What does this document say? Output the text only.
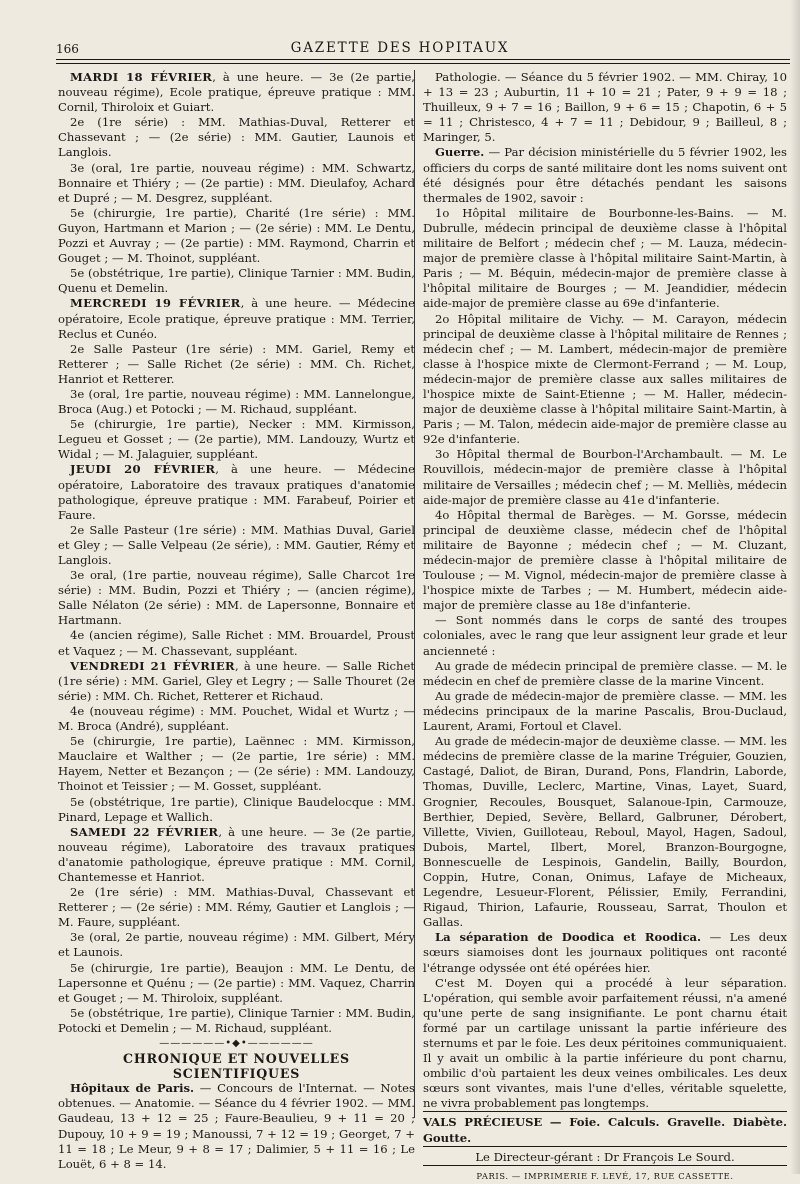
166	GAZETTE DES HOPITAUX

MARDI 18 FÉVRIER, à une heure. — 3e (2e partie, nouveau régime), Ecole pratique, épreuve pratique : MM. Cornil, Thiroloix et Guiart.

2e (1re série) : MM. Mathias-Duval, Retterer et Chassevant ; — (2e série) : MM. Gautier, Launois et Langlois.

3e (oral, 1re partie, nouveau régime) : MM. Schwartz, Bonnaire et Thiéry ; — (2e partie) : MM. Dieulafoy, Achard et Dupré ; — M. Desgrez, suppléant.

5e (chirurgie, 1re partie), Charité (1re série) : MM. Guyon, Hartmann et Marion ; — (2e série) : MM. Le Dentu, Pozzi et Auvray ; — (2e partie) : MM. Raymond, Charrin et Gouget ; — M. Thoinot, suppléant.

5e (obstétrique, 1re partie), Clinique Tarnier : MM. Budin, Quenu et Demelin.

MERCREDI 19 FÉVRIER, à une heure. — Médecine opératoire, Ecole pratique, épreuve pratique : MM. Terrier, Reclus et Cunéo.

2e Salle Pasteur (1re série) : MM. Gariel, Remy et Retterer ; — Salle Richet (2e série) : MM. Ch. Richet, Hanriot et Retterer.

3e (oral, 1re partie, nouveau régime) : MM. Lannelongue, Broca (Aug.) et Potocki ; — M. Richaud, suppléant.

5e (chirurgie, 1re partie), Necker : MM. Kirmisson, Legueu et Gosset ; — (2e partie), MM. Landouzy, Wurtz et Widal ; — M. Jalaguier, suppléant.

JEUDI 20 FÉVRIER, à une heure. — Médecine opératoire, Laboratoire des travaux pratiques d'anatomie pathologique, épreuve pratique : MM. Farabeuf, Poirier et Faure.

2e Salle Pasteur (1re série) : MM. Mathias Duval, Gariel et Gley ; — Salle Velpeau (2e série), : MM. Gautier, Rémy et Langlois.

3e oral, (1re partie, nouveau régime), Salle Charcot 1re série) : MM. Budin, Pozzi et Thiéry ; — (ancien régime), Salle Nélaton (2e série) : MM. de Lapersonne, Bonnaire et Hartmann.

4e (ancien régime), Salle Richet : MM. Brouardel, Proust et Vaquez ; — M. Chassevant, suppléant.

VENDREDI 21 FÉVRIER, à une heure. — Salle Richet (1re série) : MM. Gariel, Gley et Legry ; — Salle Thouret (2e série) : MM. Ch. Richet, Retterer et Richaud.

4e (nouveau régime) : MM. Pouchet, Widal et Wurtz ; — M. Broca (André), suppléant.

5e (chirurgie, 1re partie), Laënnec : MM. Kirmisson, Mauclaire et Walther ; — (2e partie, 1re série) : MM. Hayem, Netter et Bezançon ; — (2e série) : MM. Landouzy, Thoinot et Teissier ; — M. Gosset, suppléant.

5e (obstétrique, 1re partie), Clinique Baudelocque : MM. Pinard, Lepage et Wallich.

SAMEDI 22 FÉVRIER, à une heure. — 3e (2e partie, nouveau régime), Laboratoire des travaux pratiques d'anatomie pathologique, épreuve pratique : MM. Cornil, Chantemesse et Hanriot.

2e (1re série) : MM. Mathias-Duval, Chassevant et Retterer ; — (2e série) : MM. Rémy, Gautier et Langlois ; — M. Faure, suppléant.

3e (oral, 2e partie, nouveau régime) : MM. Gilbert, Méry et Launois.

5e (chirurgie, 1re partie), Beaujon : MM. Le Dentu, de Lapersonne et Quénu ; — (2e partie) : MM. Vaquez, Charrin et Gouget ; — M. Thiroloix, suppléant.

5e (obstétrique, 1re partie), Clinique Tarnier : MM. Budin, Potocki et Demelin ; — M. Richaud, suppléant.

——————•◆•——————

CHRONIQUE ET NOUVELLES SCIENTIFIQUES

Hôpitaux de Paris. — Concours de l'Internat. — Notes obtenues. — Anatomie. — Séance du 4 février 1902. — MM. Gaudeau, 13 + 12 = 25 ; Faure-Beaulieu, 9 + 11 = 20 ; Dupouy, 10 + 9 = 19 ; Manoussi, 7 + 12 = 19 ; Georget, 7 + 11 = 18 ; Le Meur, 9 + 8 = 17 ; Dalimier, 5 + 11 = 16 ; Le Louët, 6 + 8 = 14.

Pathologie. — Séance du 5 février 1902. — MM. Chiray, 10 + 13 = 23 ; Auburtin, 11 + 10 = 21 ; Pater, 9 + 9 = 18 ; Thuilleux, 9 + 7 = 16 ; Baillon, 9 + 6 = 15 ; Chapotin, 6 + 5 = 11 ; Christesco, 4 + 7 = 11 ; Debidour, 9 ; Bailleul, 8 ; Maringer, 5.

Guerre. — Par décision ministérielle du 5 février 1902, les officiers du corps de santé militaire dont les noms suivent ont été désignés pour être détachés pendant les saisons thermales de 1902, savoir :

1o Hôpital militaire de Bourbonne-les-Bains. — M. Dubrulle, médecin principal de deuxième classe à l'hôpital militaire de Belfort ; médecin chef ; — M. Lauza, médecin-major de première classe à l'hôpital militaire Saint-Martin, à Paris ; — M. Béquin, médecin-major de première classe à l'hôpital militaire de Bourges ; — M. Jeandidier, médecin aide-major de première classe au 69e d'infanterie.

2o Hôpital militaire de Vichy. — M. Carayon, médecin principal de deuxième classe à l'hôpital militaire de Rennes ; médecin chef ; — M. Lambert, médecin-major de première classe à l'hospice mixte de Clermont-Ferrand ; — M. Loup, médecin-major de première classe aux salles militaires de l'hospice mixte de Saint-Etienne ; — M. Haller, médecin-major de deuxième classe à l'hôpital militaire Saint-Martin, à Paris ; — M. Talon, médecin aide-major de première classe au 92e d'infanterie.

3o Hôpital thermal de Bourbon-l'Archambault. — M. Le Rouvillois, médecin-major de première classe à l'hôpital militaire de Versailles ; médecin chef ; — M. Melliès, médecin aide-major de première classe au 41e d'infanterie.

4o Hôpital thermal de Barèges. — M. Gorsse, médecin principal de deuxième classe, médecin chef de l'hôpital militaire de Bayonne ; médecin chef ; — M. Cluzant, médecin-major de première classe à l'hôpital militaire de Toulouse ; — M. Vignol, médecin-major de première classe à l'hospice mixte de Tarbes ; — M. Humbert, médecin aide-major de première classe au 18e d'infanterie.

— Sont nommés dans le corps de santé des troupes coloniales, avec le rang que leur assignent leur grade et leur ancienneté :

Au grade de médecin principal de première classe. — M. le médecin en chef de première classe de la marine Vincent.

Au grade de médecin-major de première classe. — MM. les médecins principaux de la marine Pascalis, Brou-Duclaud, Laurent, Arami, Fortoul et Clavel.

Au grade de médecin-major de deuxième classe. — MM. les médecins de première classe de la marine Tréguier, Gouzien, Castagé, Daliot, de Biran, Durand, Pons, Flandrin, Laborde, Thomas, Duville, Leclerc, Martine, Vinas, Layet, Suard, Grognier, Recoules, Bousquet, Salanoue-Ipin, Carmouze, Berthier, Depied, Sevère, Bellard, Galbruner, Dérobert, Villette, Vivien, Guilloteau, Reboul, Mayol, Hagen, Sadoul, Dubois, Martel, Ilbert, Morel, Branzon-Bourgogne, Bonnescuelle de Lespinois, Gandelin, Bailly, Bourdon, Coppin, Hutre, Conan, Onimus, Lafaye de Micheaux, Legendre, Lesueur-Florent, Pélissier, Emily, Ferrandini, Rigaud, Thirion, Lafaurie, Rousseau, Sarrat, Thoulon et Gallas.

La séparation de Doodica et Roodica. — Les deux sœurs siamoises dont les journaux politiques ont raconté l'étrange odyssée ont été opérées hier.

C'est M. Doyen qui a procédé à leur séparation. L'opération, qui semble avoir parfaitement réussi, n'a amené qu'une perte de sang insignifiante. Le pont charnu était formé par un cartilage unissant la partie inférieure des sternums et par le foie. Les deux péritoines communiquaient. Il y avait un ombilic à la partie inférieure du pont charnu, ombilic d'où partaient les deux veines ombilicales. Les deux sœurs sont vivantes, mais l'une d'elles, véritable squelette, ne vivra probablement pas longtemps.

VALS PRÉCIEUSE — Foie. Calculs. Gravelle. Diabète. Goutte.

Le Directeur-gérant : Dr François Le Sourd.

PARIS. — IMPRIMERIE F. LEVÉ, 17, RUE CASSETTE.
